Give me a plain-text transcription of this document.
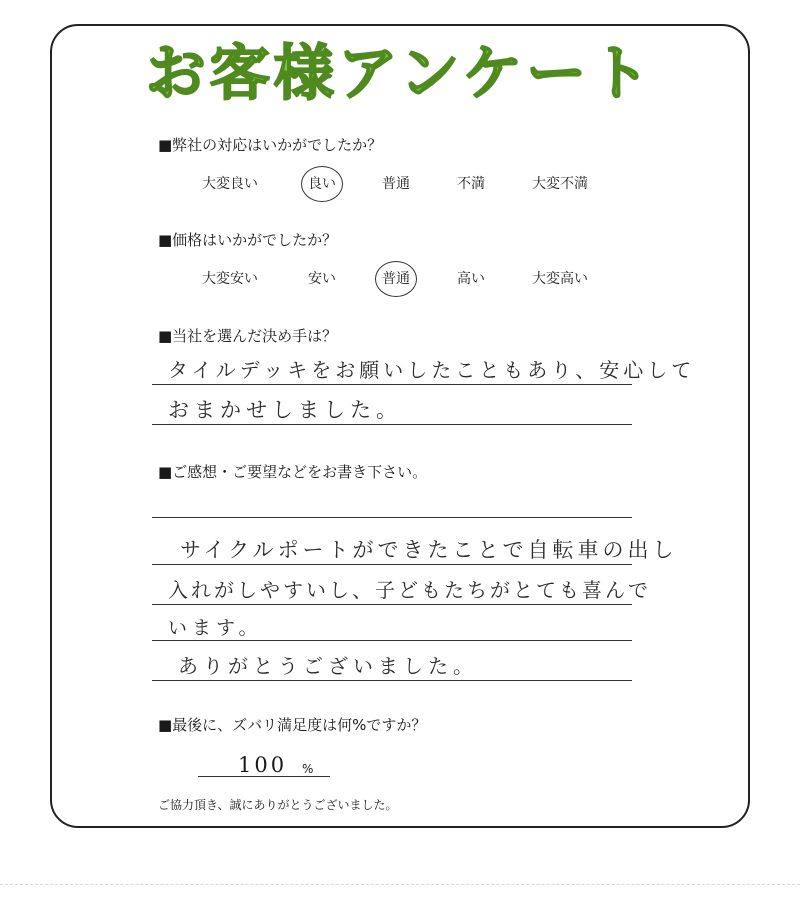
お客様アンケート
■弊社の対応はいかがでしたか？
大変良い	良い	普通	不満	大変不満
■価格はいかがでしたか？
大変安い	安い	普通	高い	大変高い
■当社を選んだ決め手は？
タイルデッキをお願いしたこともあり、安心して
おまかせしました。
■ご感想・ご要望などをお書き下さい。
サイクルポートができたことで自転車の出し
入れがしやすいし、子どもたちがとても喜んで
います。
ありがとうございました。
■最後に、ズバリ満足度は何%ですか？
100 %
ご協力頂き、誠にありがとうございました。
